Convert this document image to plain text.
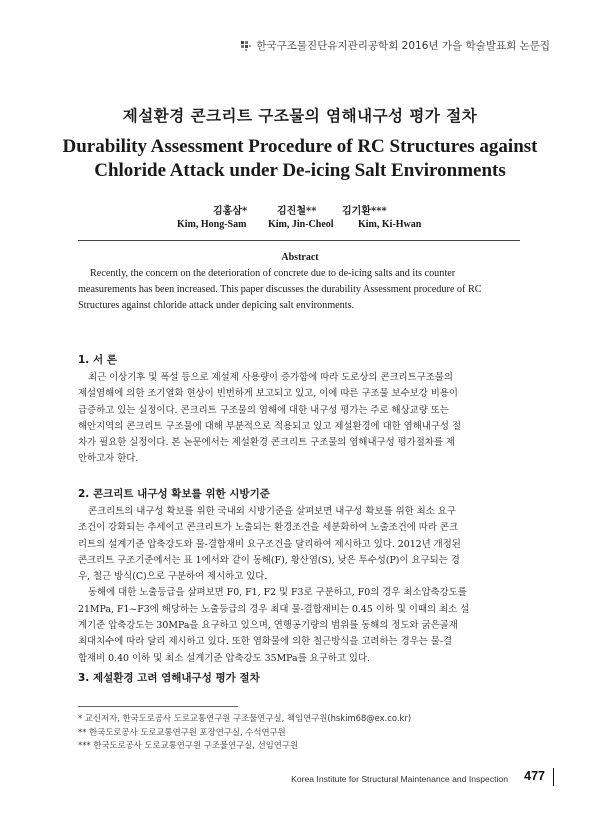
한국구조물진단유지관리공학회 2016년 가을 학술발표회 논문집
제설환경 콘크리트 구조물의 염해내구성 평가 절차
Durability Assessment Procedure of RC Structures against
Chloride Attack under De-icing Salt Environments
김홍삼*	김진철**	김기환***
Kim, Hong-Sam Kim, Jin-Cheol Kim, Ki-Hwan
Abstract
Recently, the concern on the deterioration of concrete due to de-icing salts and its counter
measurements has been increased. This paper discusses the durability Assessment procedure of RC
Structures against chloride attack under depicing salt environments.
1. 서 론
최근 이상기후 및 폭설 등으로 제설제 사용량이 증가함에 따라 도로상의 콘크리트구조물의
제설염해에 의한 조기열화 현상이 빈번하게 보고되고 있고, 이에 따른 구조물 보수보강 비용이
급증하고 있는 실정이다. 콘크리트 구조물의 염해에 대한 내구성 평가는 주로 해상교량 또는
해안지역의 콘크리트 구조물에 대해 부분적으로 적용되고 있고 제설환경에 대한 염해내구성 절
차가 필요한 실정이다. 본 논문에서는 제설환경 콘크리트 구조물의 염해내구성 평가절차를 제
안하고자 한다.
2. 콘크리트 내구성 확보를 위한 시방기준
콘크리트의 내구성 확보를 위한 국내외 시방기준을 살펴보면 내구성 확보를 위한 최소 요구
조건이 강화되는 추세이고 콘크리트가 노출되는 환경조건을 세분화하여 노출조건에 따라 콘크
리트의 설계기준 압축강도와 물-결합재비 요구조건을 달리하여 제시하고 있다. 2012년 개정된
콘크리트 구조기준에서는 표 1에서와 같이 동해(F), 황산염(S), 낮은 투수성(P)이 요구되는 경
우, 철근 방식(C)으로 구분하여 제시하고 있다.
동해에 대한 노출등급을 살펴보면 F0, F1, F2 및 F3로 구분하고, F0의 경우 최소압축강도를
21MPa, F1~F3에 해당하는 노출등급의 경우 최대 물-결합재비는 0.45 이하 및 이때의 최소 설
계기준 압축강도는 30MPa을 요구하고 있으며, 연행공기량의 범위를 동해의 정도와 굵은골재
최대치수에 따라 달리 제시하고 있다. 또한 염화물에 의한 철근방식을 고려하는 경우는 물-결
합재비 0.40 이하 및 최소 설계기준 압축강도 35MPa를 요구하고 있다.
3. 제설환경 고려 염해내구성 평가 절차
* 교신저자, 한국도로공사 도로교통연구원 구조물연구실, 책임연구원(hskim68@ex.co.kr)
** 한국도로공사 도로교통연구원 포장연구실, 수석연구원
*** 한국도로공사 도로교통연구원 구조물연구실, 선임연구원
Korea Institute for Structural Maintenance and Inspection 477
